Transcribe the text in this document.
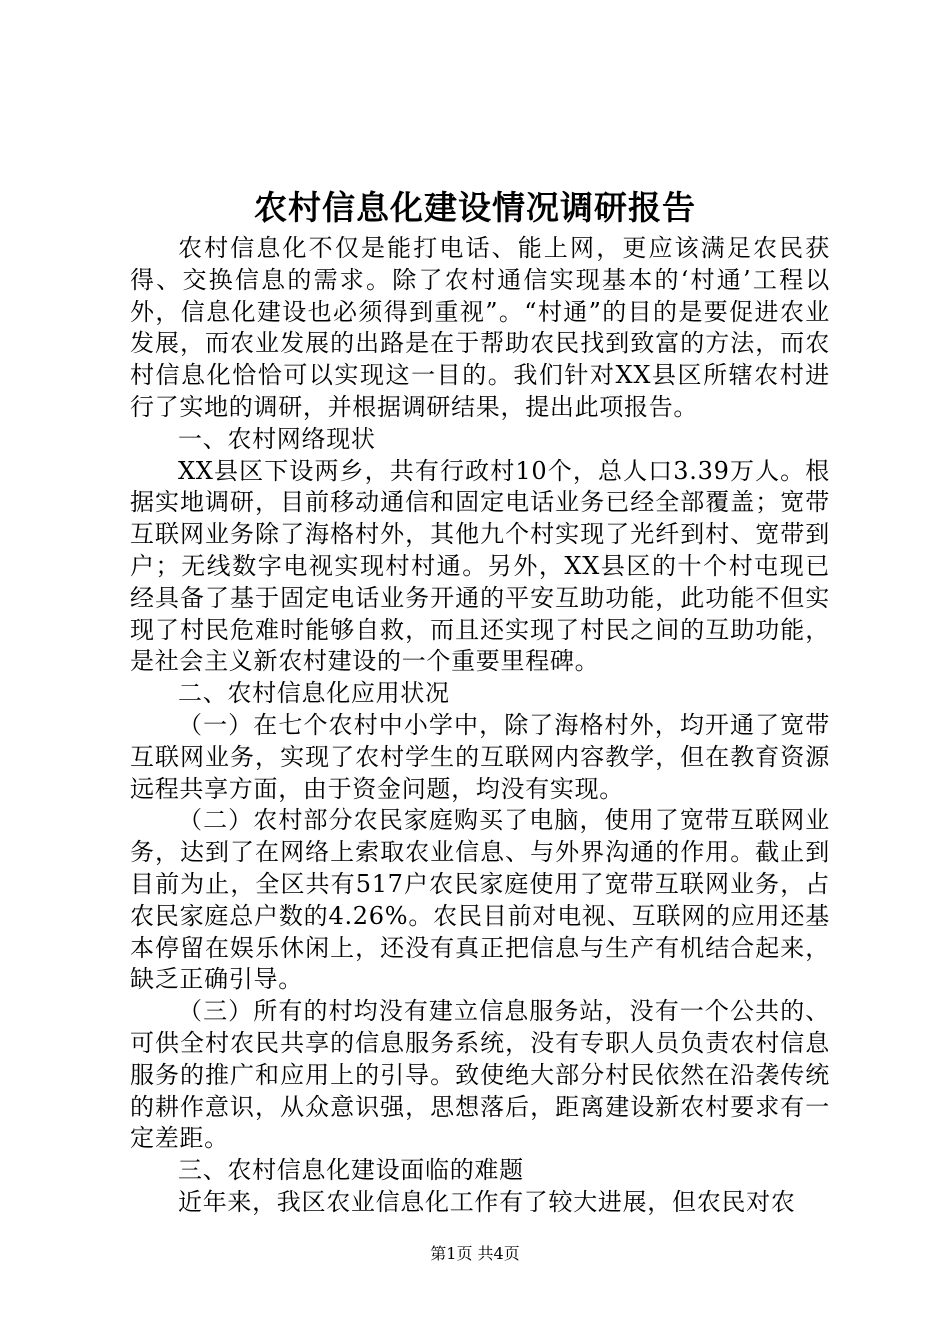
农村信息化建设情况调研报告

农村信息化不仅是能打电话、能上网，更应该满足农民获得、交换信息的需求。除了农村通信实现基本的‘村通’工程以外，信息化建设也必须得到重视”。“村通”的目的是要促进农业发展，而农业发展的出路是在于帮助农民找到致富的方法，而农村信息化恰恰可以实现这一目的。我们针对XX县区所辖农村进行了实地的调研，并根据调研结果，提出此项报告。

一、农村网络现状

XX县区下设两乡，共有行政村10个，总人口3.39万人。根据实地调研，目前移动通信和固定电话业务已经全部覆盖；宽带互联网业务除了海格村外，其他九个村实现了光纤到村、宽带到户；无线数字电视实现村村通。另外，XX县区的十个村屯现已经具备了基于固定电话业务开通的平安互助功能，此功能不但实现了村民危难时能够自救，而且还实现了村民之间的互助功能，是社会主义新农村建设的一个重要里程碑。

二、农村信息化应用状况

（一）在七个农村中小学中，除了海格村外，均开通了宽带互联网业务，实现了农村学生的互联网内容教学，但在教育资源远程共享方面，由于资金问题，均没有实现。

（二）农村部分农民家庭购买了电脑，使用了宽带互联网业务，达到了在网络上索取农业信息、与外界沟通的作用。截止到目前为止，全区共有517户农民家庭使用了宽带互联网业务，占农民家庭总户数的4.26%。农民目前对电视、互联网的应用还基本停留在娱乐休闲上，还没有真正把信息与生产有机结合起来，缺乏正确引导。

（三）所有的村均没有建立信息服务站，没有一个公共的、可供全村农民共享的信息服务系统，没有专职人员负责农村信息服务的推广和应用上的引导。致使绝大部分村民依然在沿袭传统的耕作意识，从众意识强，思想落后，距离建设新农村要求有一定差距。

三、农村信息化建设面临的难题

近年来，我区农业信息化工作有了较大进展，但农民对农

第1页 共4页
